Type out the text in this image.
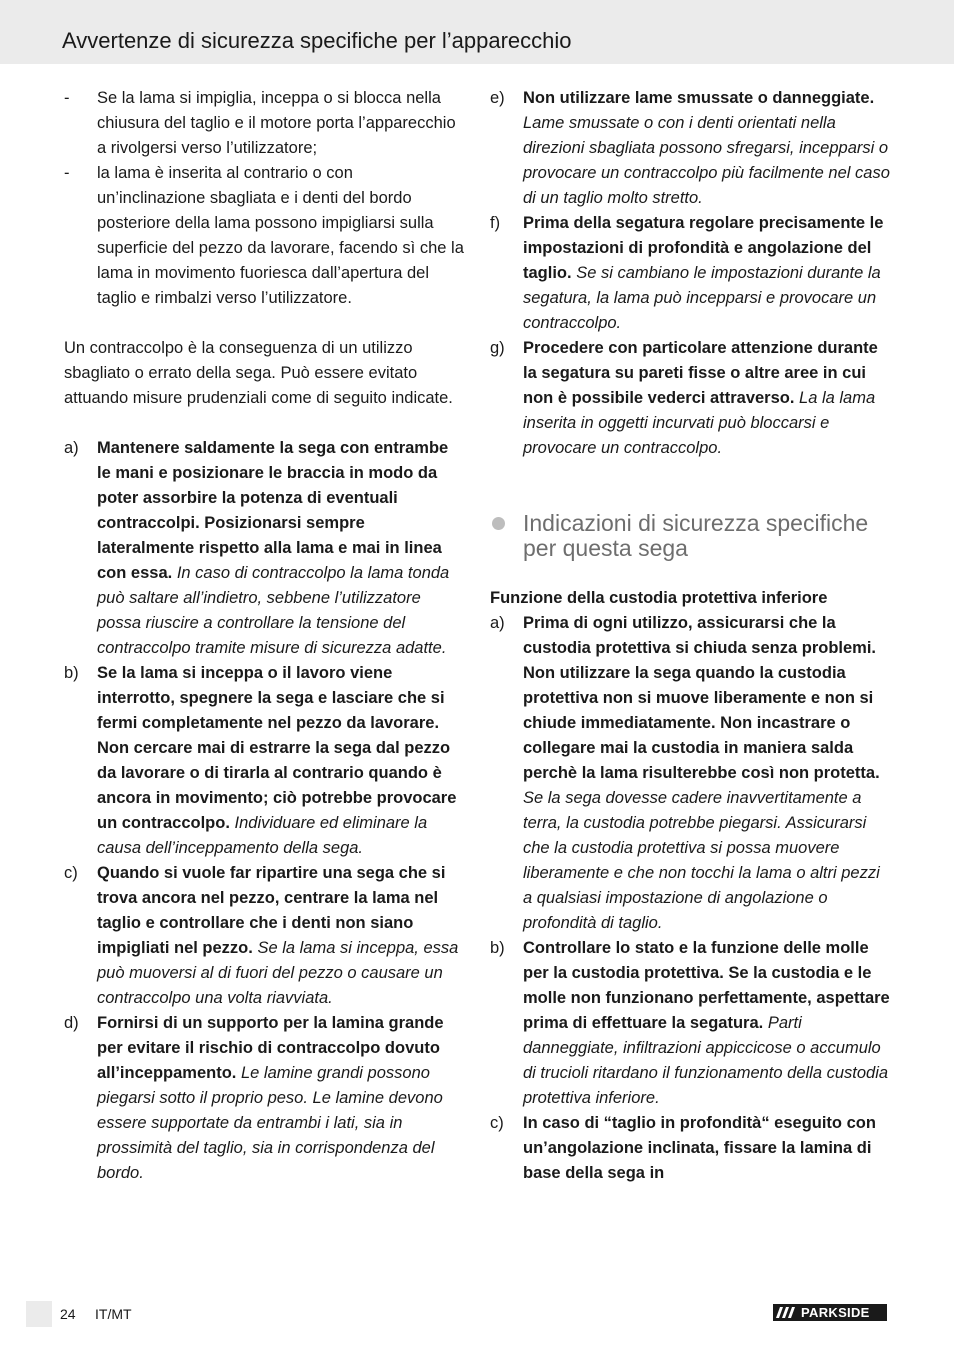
Avvertenze di sicurezza specifiche per l’apparecchio
- Se la lama si impiglia, inceppa o si blocca nella chiusura del taglio e il motore porta l’apparecchio a rivolgersi verso l’utilizzatore;
- la lama è inserita al contrario o con un’inclinazione sbagliata e i denti del bordo posteriore della lama possono impigliarsi sulla superficie del pezzo da lavorare, facendo sì che la lama in movimento fuoriesca dall’apertura del taglio e rimbalzi verso l’utilizzatore.

Un contraccolpo è la conseguenza di un utilizzo sbagliato o errato della sega. Può essere evitato attuando misure prudenziali come di seguito indicate.

a) Mantenere saldamente la sega con entrambe le mani e posizionare le braccia in modo da poter assorbire la potenza di eventuali contraccolpi. Posizionarsi sempre lateralmente rispetto alla lama e mai in linea con essa. In caso di contraccolpo la lama tonda può saltare all’indietro, sebbene l’utilizzatore possa riuscire a controllare la tensione del contraccolpo tramite misure di sicurezza adatte.
b) Se la lama si inceppa o il lavoro viene interrotto, spegnere la sega e lasciare che si fermi completamente nel pezzo da lavorare. Non cercare mai di estrarre la sega dal pezzo da lavorare o di tirarla al contrario quando è ancora in movimento; ciò potrebbe provocare un contraccolpo. Individuare ed eliminare la causa dell’inceppamento della sega.
c) Quando si vuole far ripartire una sega che si trova ancora nel pezzo, centrare la lama nel taglio e controllare che i denti non siano impigliati nel pezzo. Se la lama si inceppa, essa può muoversi al di fuori del pezzo o causare un contraccolpo una volta riavviata.
d) Fornirsi di un supporto per la lamina grande per evitare il rischio di contraccolpo dovuto all’inceppamento. Le lamine grandi possono piegarsi sotto il proprio peso. Le lamine devono essere supportate da entrambi i lati, sia in prossimità del taglio, sia in corrispondenza del bordo.
e) Non utilizzare lame smussate o danneggiate. Lame smussate o con i denti orientati nella direzioni sbagliata possono sfregarsi, incepparsi o provocare un contraccolpo più facilmente nel caso di un taglio molto stretto.
f) Prima della segatura regolare precisamente le impostazioni di profondità e angolazione del taglio. Se si cambiano le impostazioni durante la segatura, la lama può incepparsi e provocare un contraccolpo.
g) Procedere con particolare attenzione durante la segatura su pareti fisse o altre aree in cui non è possibile vederci attraverso. La la lama inserita in oggetti incurvati può bloccarsi e provocare un contraccolpo.
Indicazioni di sicurezza specifiche per questa sega
Funzione della custodia protettiva inferiore
a) Prima di ogni utilizzo, assicurarsi che la custodia protettiva si chiuda senza problemi. Non utilizzare la sega quando la custodia protettiva non si muove liberamente e non si chiude immediatamente. Non incastrare o collegare mai la custodia in maniera salda perchè la lama risulterebbe così non protetta. Se la sega dovesse cadere inavvertitamente a terra, la custodia potrebbe piegarsi. Assicurarsi che la custodia protettiva si possa muovere liberamente e che non tocchi la lama o altri pezzi a qualsiasi impostazione di angolazione o profondità di taglio.
b) Controllare lo stato e la funzione delle molle per la custodia protettiva. Se la custodia e le molle non funzionano perfettamente, aspettare prima di effettuare la segatura. Parti danneggiate, infiltrazioni appiccicose o accumulo di trucioli ritardano il funzionamento della custodia protettiva inferiore.
c) In caso di “taglio in profondità“ eseguito con un’angolazione inclinata, fissare la lamina di base della sega in
24 IT/MT	PARKSIDE
